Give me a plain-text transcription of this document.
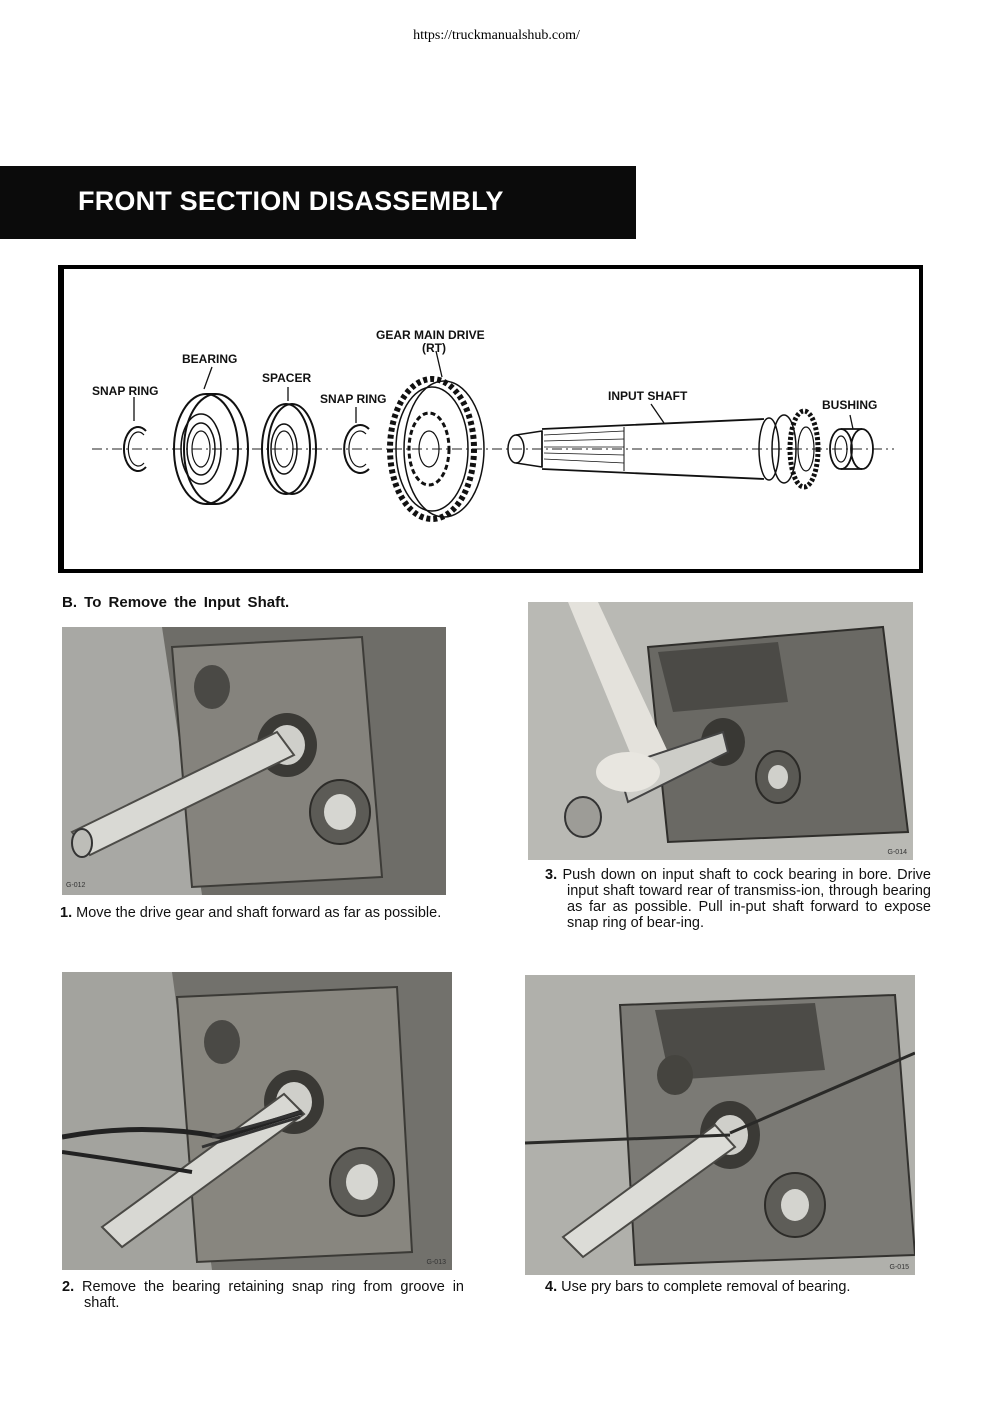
https://truckmanualshub.com/
FRONT SECTION DISASSEMBLY
SNAP RING
BEARING
SPACER
SNAP RING
GEAR MAIN DRIVE
(RT)
INPUT SHAFT
BUSHING
B. To Remove the Input Shaft.
G-012
1. Move the drive gear and shaft forward as far as possible.
G-014
3. Push down on input shaft to cock bearing in bore. Drive input shaft toward rear of transmiss-ion, through bearing as far as possible. Pull in-put shaft forward to expose snap ring of bear-ing.
G-013
2. Remove the bearing retaining snap ring from groove in shaft.
G-015
4. Use pry bars to complete removal of bearing.
